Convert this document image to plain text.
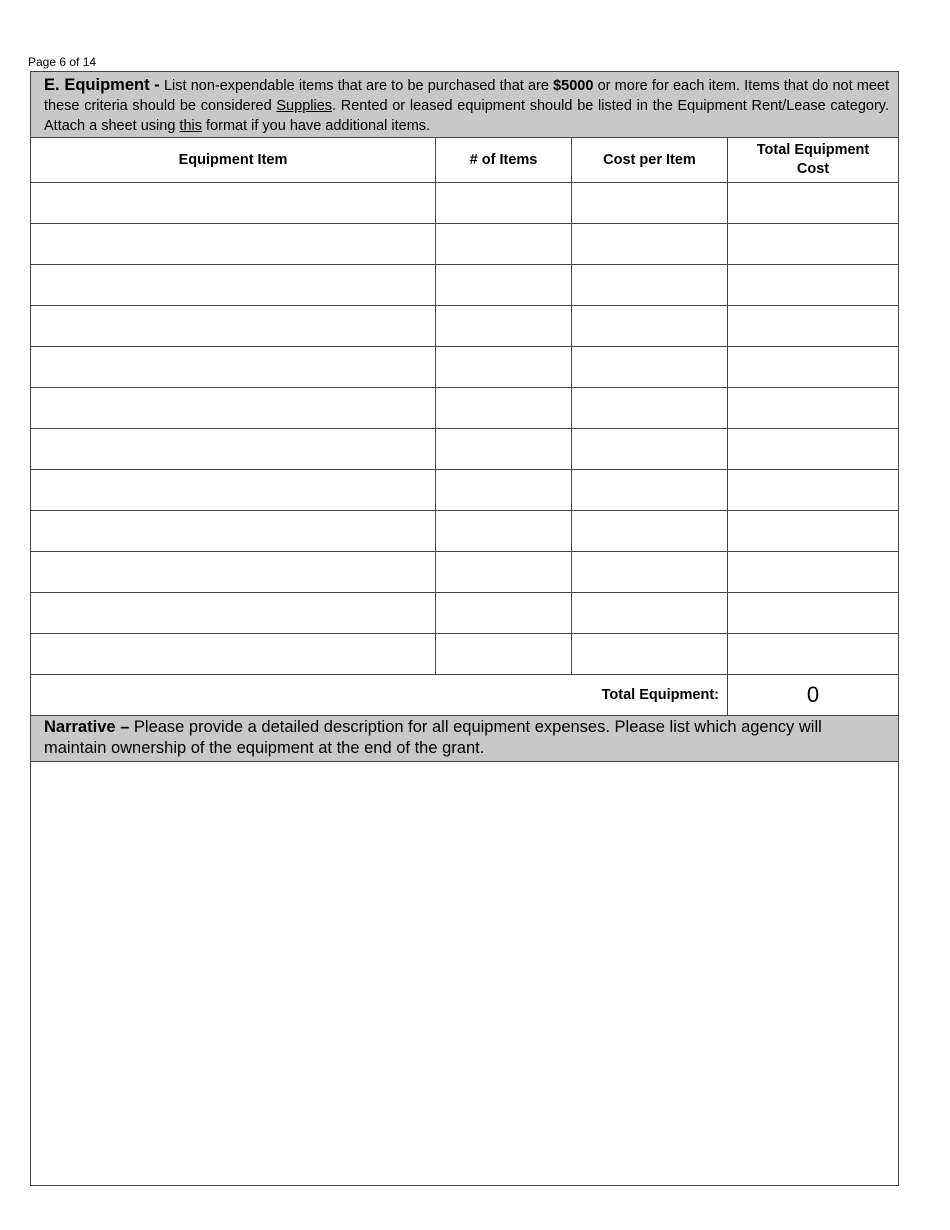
Page 6 of 14
E. Equipment - List non-expendable items that are to be purchased that are $5000 or more for each item. Items that do not meet these criteria should be considered Supplies. Rented or leased equipment should be listed in the Equipment Rent/Lease category. Attach a sheet using this format if you have additional items.			
Equipment Item	# of Items	Cost per Item	Total Equipment Cost

Total Equipment:			0
Narrative – Please provide a detailed description for all equipment expenses. Please list which agency will maintain ownership of the equipment at the end of the grant.			
